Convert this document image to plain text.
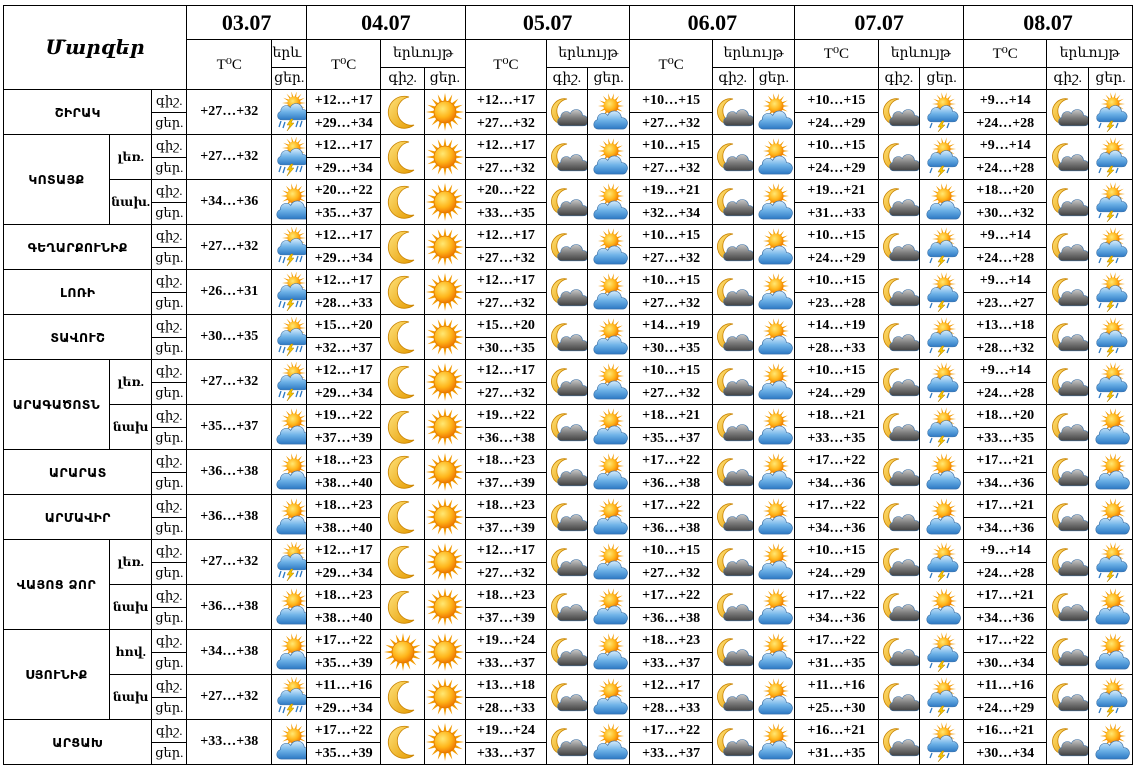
Մարզեր			03.07		04.07			05.07			06.07			07.07			08.07		
			T⁰C	երև	T⁰C	երևույթ		T⁰C	երևույթ		T⁰C	երևույթ		T⁰C	երևույթ		T⁰C	երևույթ	
				ցեր.		գիշ.	ցեր.		գիշ.	ցեր.		գիշ.	ցեր.		գիշ.	ցեր.		գիշ.	ցեր.
ՇԻՐԱԿ		գիշ.	+27…+32		+12…+17			+12…+17			+10…+15			+10…+15			+9…+14	

		ցեր.			+29…+34			+27…+32			+27…+32			+24…+29			+24…+28		
ԿՈՏԱՅՔ	լեռ.	գիշ.	+27…+32		+12…+17			+12…+17			+10…+15			+10…+15			+9…+14	

		ցեր.			+29…+34			+27…+32			+27…+32			+24…+29			+24…+28		
	նախ.	գիշ.	+34…+36		+20…+22			+20…+22			+19…+21			+19…+21			+18…+20	

		ցեր.			+35…+37			+33…+35			+32…+34			+31…+33			+30…+32		
ԳԵՂԱՐՔՈՒՆԻՔ		գիշ.	+27…+32		+12…+17			+12…+17			+10…+15			+10…+15			+9…+14	

		ցեր.			+29…+34			+27…+32			+27…+32			+24…+29			+24…+28		
ԼՈՌԻ		գիշ.	+26…+31		+12…+17			+12…+17			+10…+15			+10…+15			+9…+14	

		ցեր.			+28…+33			+27…+32			+27…+32			+23…+28			+23…+27		
ՏԱՎՈՒՇ		գիշ.	+30…+35		+15…+20			+15…+20			+14…+19			+14…+19			+13…+18	

		ցեր.			+32…+37			+30…+35			+30…+35			+28…+33			+28…+32		
ԱՐԱԳԱԾՈՏՆ	լեռ.	գիշ.	+27…+32		+12…+17			+12…+17			+10…+15			+10…+15			+9…+14	

		ցեր.			+29…+34			+27…+32			+27…+32			+24…+29			+24…+28		
	նախ	գիշ.	+35…+37		+19…+22			+19…+22			+18…+21			+18…+21			+18…+20	

		ցեր.			+37…+39			+36…+38			+35…+37			+33…+35			+33…+35		
ԱՐԱՐԱՏ		գիշ.	+36…+38		+18…+23			+18…+23			+17…+22			+17…+22			+17…+21	

		ցեր.			+38…+40			+37…+39			+36…+38			+34…+36			+34…+36		
ԱՐՄԱՎԻՐ		գիշ.	+36…+38		+18…+23			+18…+23			+17…+22			+17…+22			+17…+21	

		ցեր.			+38…+40			+37…+39			+36…+38			+34…+36			+34…+36		
ՎԱՅՈՑ ՁՈՐ	լեռ.	գիշ.	+27…+32		+12…+17			+12…+17			+10…+15			+10…+15			+9…+14	

		ցեր.			+29…+34			+27…+32			+27…+32			+24…+29			+24…+28		
	նախ	գիշ.	+36…+38		+18…+23			+18…+23			+17…+22			+17…+22			+17…+21	

		ցեր.			+38…+40			+37…+39			+36…+38			+34…+36			+34…+36		
ՍՅՈՒՆԻՔ	հով.	գիշ.	+34…+38		+17…+22			+19…+24			+18…+23			+17…+22			+17…+22	

		ցեր.			+35…+39			+33…+37			+33…+37			+31…+35			+30…+34		
	նախ	գիշ.	+27…+32		+11…+16			+13…+18			+12…+17			+11…+16			+11…+16	

		ցեր.			+29…+34			+28…+33			+28…+33			+25…+30			+24…+29		
ԱՐՑԱԽ		գիշ.	+33…+38		+17…+22			+19…+24			+17…+22			+16…+21			+16…+21	

		ցեր.			+35…+39			+33…+37			+33…+37			+31…+35			+30…+34		
